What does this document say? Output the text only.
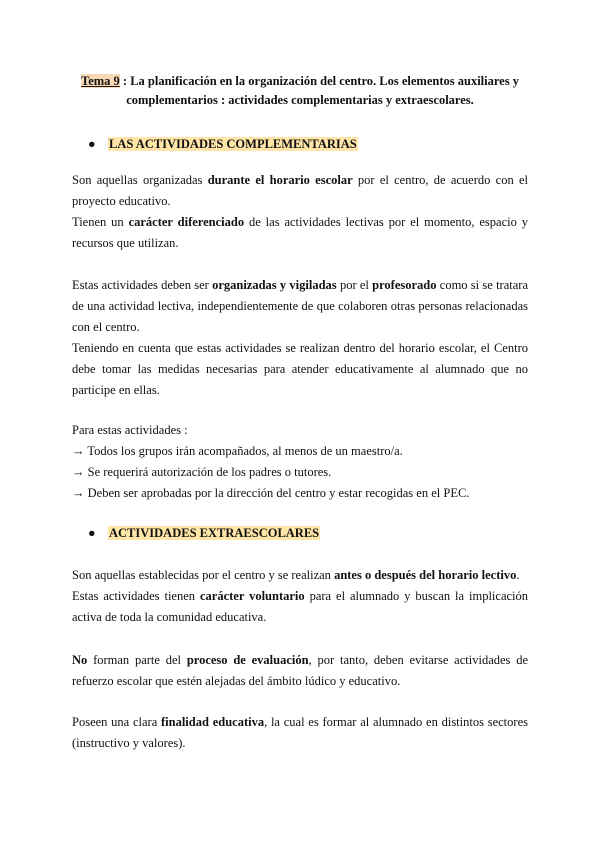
Tema 9 : La planificación en la organización del centro. Los elementos auxiliares y complementarios : actividades complementarias y extraescolares.
● LAS ACTIVIDADES COMPLEMENTARIAS

Son aquellas organizadas durante el horario escolar por el centro, de acuerdo con el proyecto educativo.

Tienen un carácter diferenciado de las actividades lectivas por el momento, espacio y recursos que utilizan.

Estas actividades deben ser organizadas y vigiladas por el profesorado como si se tratara de una actividad lectiva, independientemente de que colaboren otras personas relacionadas con el centro.

Teniendo en cuenta que estas actividades se realizan dentro del horario escolar, el Centro debe tomar las medidas necesarias para atender educativamente al alumnado que no participe en ellas.

Para estas actividades :

→ Todos los grupos irán acompañados, al menos de un maestro/a.

→ Se requerirá autorización de los padres o tutores.

→ Deben ser aprobadas por la dirección del centro y estar recogidas en el PEC.

● ACTIVIDADES EXTRAESCOLARES

Son aquellas establecidas por el centro y se realizan antes o después del horario lectivo.

Estas actividades tienen carácter voluntario para el alumnado y buscan la implicación activa de toda la comunidad educativa.

No forman parte del proceso de evaluación, por tanto, deben evitarse actividades de refuerzo escolar que estén alejadas del ámbito lúdico y educativo.

Poseen una clara finalidad educativa, la cual es formar al alumnado en distintos sectores (instructivo y valores).
